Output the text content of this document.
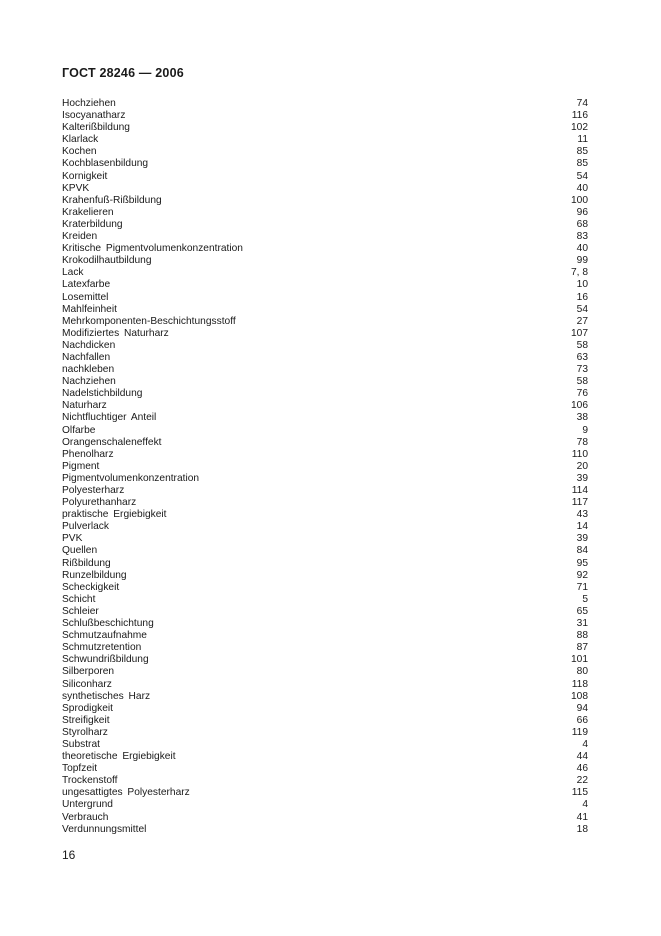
ГОСТ 28246 — 2006
Hochziehen	74
Isocyanatharz	116
Kalterißbildung	102
Klarlack	11
Kochen	85
Kochblasenbildung	85
Kornigkeit	54
KPVK	40
Krahenfuß-Rißbildung	100
Krakelieren	96
Kraterbildung	68
Kreiden	83
Kritische Pigmentvolumenkonzentration	40
Krokodilhautbildung	99
Lack	7, 8
Latexfarbe	10
Losemittel	16
Mahlfeinheit	54
Mehrkomponenten-Beschichtungsstoff	27
Modifiziertes Naturharz	107
Nachdicken	58
Nachfallen	63
nachkleben	73
Nachziehen	58
Nadelstichbildung	76
Naturharz	106
Nichtfluchtiger Anteil	38
Olfarbe	9
Orangenschaleneffekt	78
Phenolharz	110
Pigment	20
Pigmentvolumenkonzentration	39
Polyesterharz	114
Polyurethanharz	117
praktische Ergiebigkeit	43
Pulverlack	14
PVK	39
Quellen	84
Rißbildung	95
Runzelbildung	92
Scheckigkeit	71
Schicht	5
Schleier	65
Schlußbeschichtung	31
Schmutzaufnahme	88
Schmutzretention	87
Schwundrißbildung	101
Silberporen	80
Siliconharz	118
synthetisches Harz	108
Sprodigkeit	94
Streifigkeit	66
Styrolharz	119
Substrat	4
theoretische Ergiebigkeit	44
Topfzeit	46
Trockenstoff	22
ungesattigtes Polyesterharz	115
Untergrund	4
Verbrauch	41
Verdunnungsmittel	18
16
